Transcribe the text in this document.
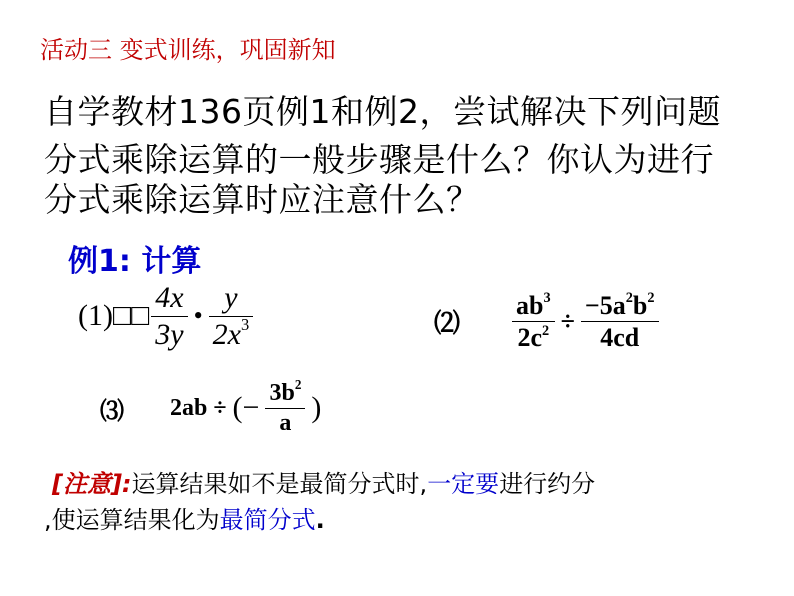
活动三 变式训练，巩固新知
自学教材136页例1和例2，尝试解决下列问题
分式乘除运算的一般步骤是什么？你认为进行
分式乘除运算时应注意什么？
例1: 计算
(1)□□ $\frac{4x}{3y}$ • $\frac{y}{2x^3}$	⑵ $\frac{ab^3}{2c^2} \div \frac{-5a^2b^2}{4cd}$
⑶ 2ab ÷ (− $\frac{3b^2}{a}$ )
[注意]:运算结果如不是最简分式时,一定要进行约分
,使运算结果化为最简分式.
